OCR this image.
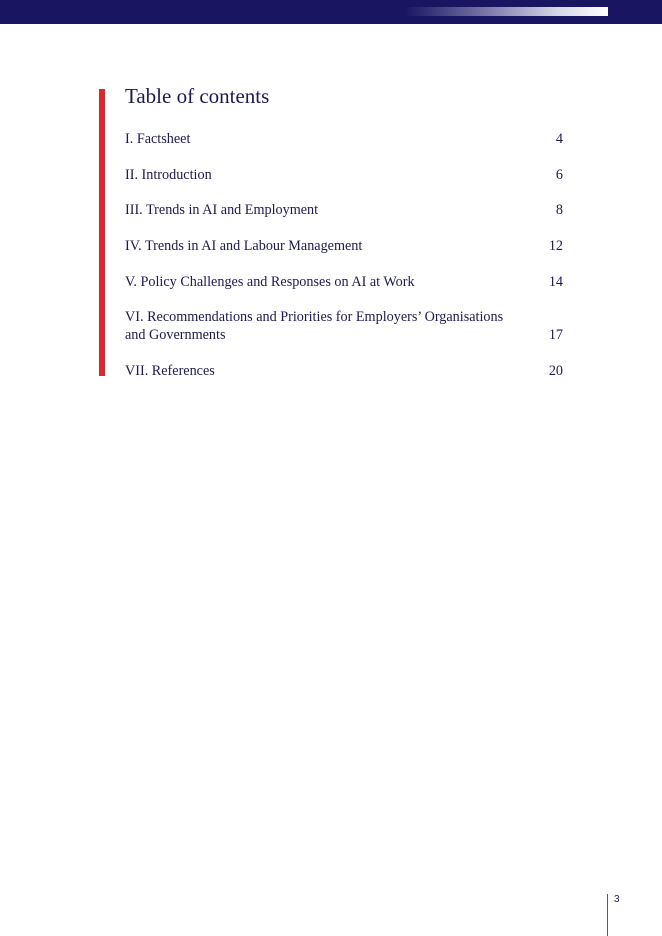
Table of contents
I. Factsheet	4
II. Introduction	6
III. Trends in AI and Employment	8
IV. Trends in AI and Labour Management	12
V. Policy Challenges and Responses on AI at Work	14
VI. Recommendations and Priorities for Employers’ Organisations and Governments	17
VII. References	20
3
